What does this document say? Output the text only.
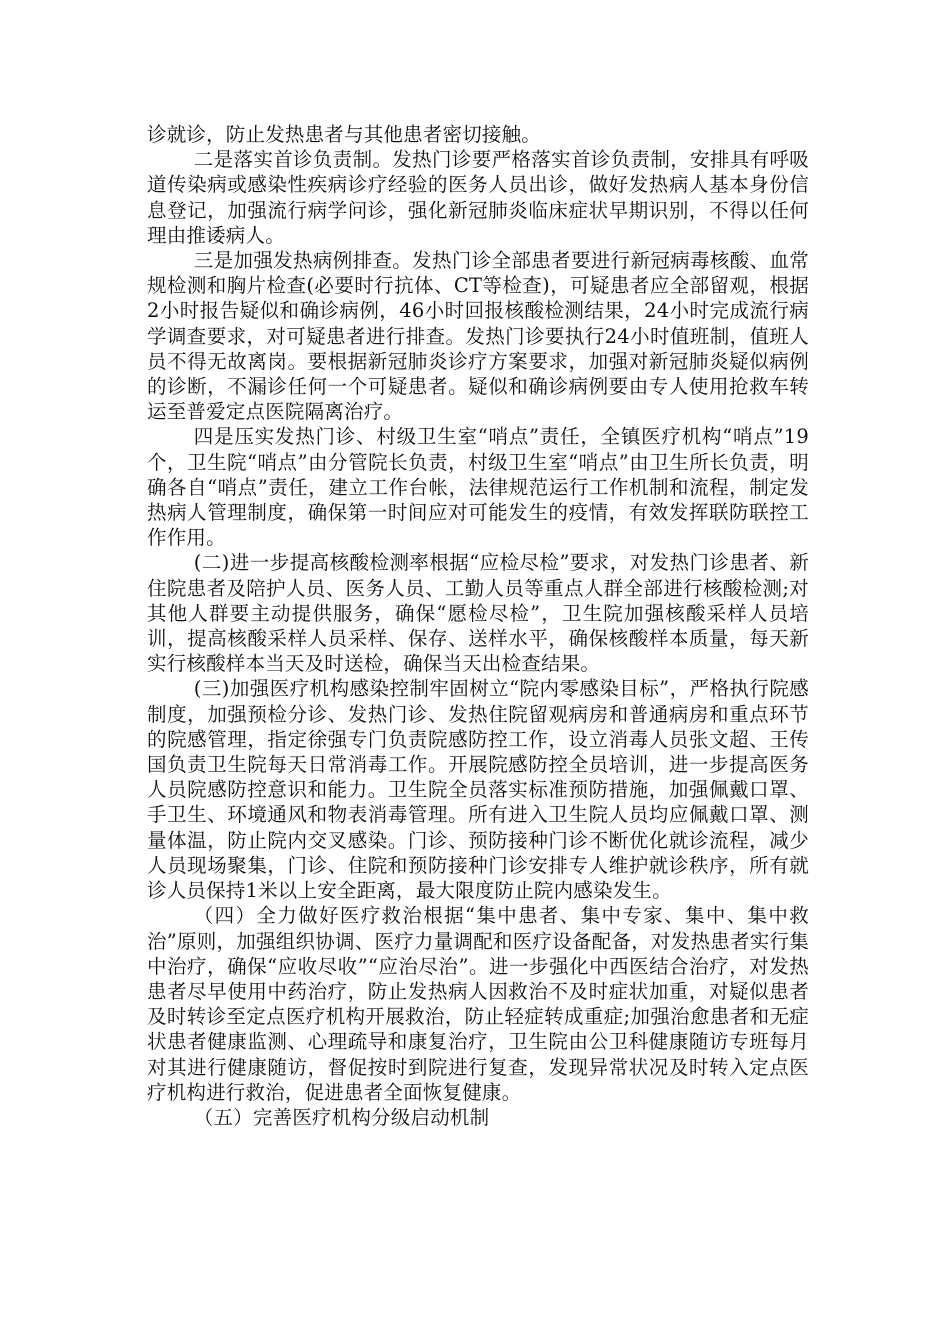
诊就诊，防止发热患者与其他患者密切接触。

二是落实首诊负责制。发热门诊要严格落实首诊负责制，安排具有呼吸道传染病或感染性疾病诊疗经验的医务人员出诊，做好发热病人基本身份信息登记，加强流行病学问诊，强化新冠肺炎临床症状早期识别，不得以任何理由推诿病人。

三是加强发热病例排查。发热门诊全部患者要进行新冠病毒核酸、血常规检测和胸片检查(必要时行抗体、CT等检查)，可疑患者应全部留观，根据2小时报告疑似和确诊病例，46小时回报核酸检测结果，24小时完成流行病学调查要求，对可疑患者进行排查。发热门诊要执行24小时值班制，值班人员不得无故离岗。要根据新冠肺炎诊疗方案要求，加强对新冠肺炎疑似病例的诊断，不漏诊任何一个可疑患者。疑似和确诊病例要由专人使用抢救车转运至普爱定点医院隔离治疗。

四是压实发热门诊、村级卫生室“哨点”责任，全镇医疗机构“哨点”19个，卫生院“哨点”由分管院长负责，村级卫生室“哨点”由卫生所长负责，明确各自“哨点”责任，建立工作台帐，法律规范运行工作机制和流程，制定发热病人管理制度，确保第一时间应对可能发生的疫情，有效发挥联防联控工作作用。

(二)进一步提高核酸检测率根据“应检尽检”要求，对发热门诊患者、新住院患者及陪护人员、医务人员、工勤人员等重点人群全部进行核酸检测;对其他人群要主动提供服务，确保“愿检尽检”，卫生院加强核酸采样人员培训，提高核酸采样人员采样、保存、送样水平，确保核酸样本质量，每天新实行核酸样本当天及时送检，确保当天出检查结果。

(三)加强医疗机构感染控制牢固树立“院内零感染目标”，严格执行院感制度，加强预检分诊、发热门诊、发热住院留观病房和普通病房和重点环节的院感管理，指定徐强专门负责院感防控工作，设立消毒人员张文超、王传国负责卫生院每天日常消毒工作。开展院感防控全员培训，进一步提高医务人员院感防控意识和能力。卫生院全员落实标准预防措施，加强佩戴口罩、手卫生、环境通风和物表消毒管理。所有进入卫生院人员均应佩戴口罩、测量体温，防止院内交叉感染。门诊、预防接种门诊不断优化就诊流程，减少人员现场聚集，门诊、住院和预防接种门诊安排专人维护就诊秩序，所有就诊人员保持1米以上安全距离，最大限度防止院内感染发生。

（四）全力做好医疗救治根据“集中患者、集中专家、集中、集中救治”原则，加强组织协调、医疗力量调配和医疗设备配备，对发热患者实行集中治疗，确保“应收尽收”“应治尽治”。进一步强化中西医结合治疗，对发热患者尽早使用中药治疗，防止发热病人因救治不及时症状加重，对疑似患者及时转诊至定点医疗机构开展救治，防止轻症转成重症;加强治愈患者和无症状患者健康监测、心理疏导和康复治疗，卫生院由公卫科健康随访专班每月对其进行健康随访，督促按时到院进行复查，发现异常状况及时转入定点医疗机构进行救治，促进患者全面恢复健康。

（五）完善医疗机构分级启动机制
